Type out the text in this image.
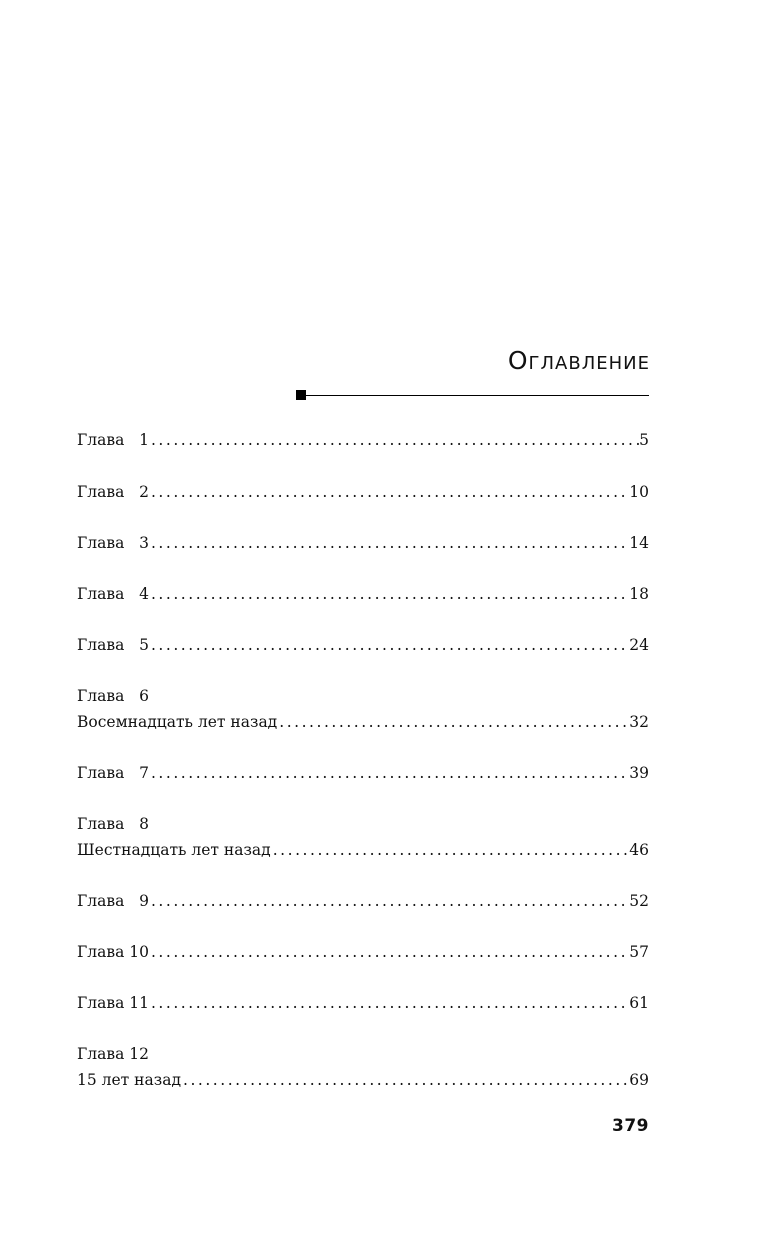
Оглавление
Глава   1 . . .	5
Глава   2 . . .	10
Глава   3 . . .	14
Глава   4 . . .	18
Глава   5 . . .	24
Глава   6
Восемнадцать лет назад . . .	32
Глава   7 . . .	39
Глава   8
Шестнадцать лет назад . . .	46
Глава   9 . . .	52
Глава 10 . . .	57
Глава 11 . . .	61
Глава 12
15 лет назад . . .	69
379
